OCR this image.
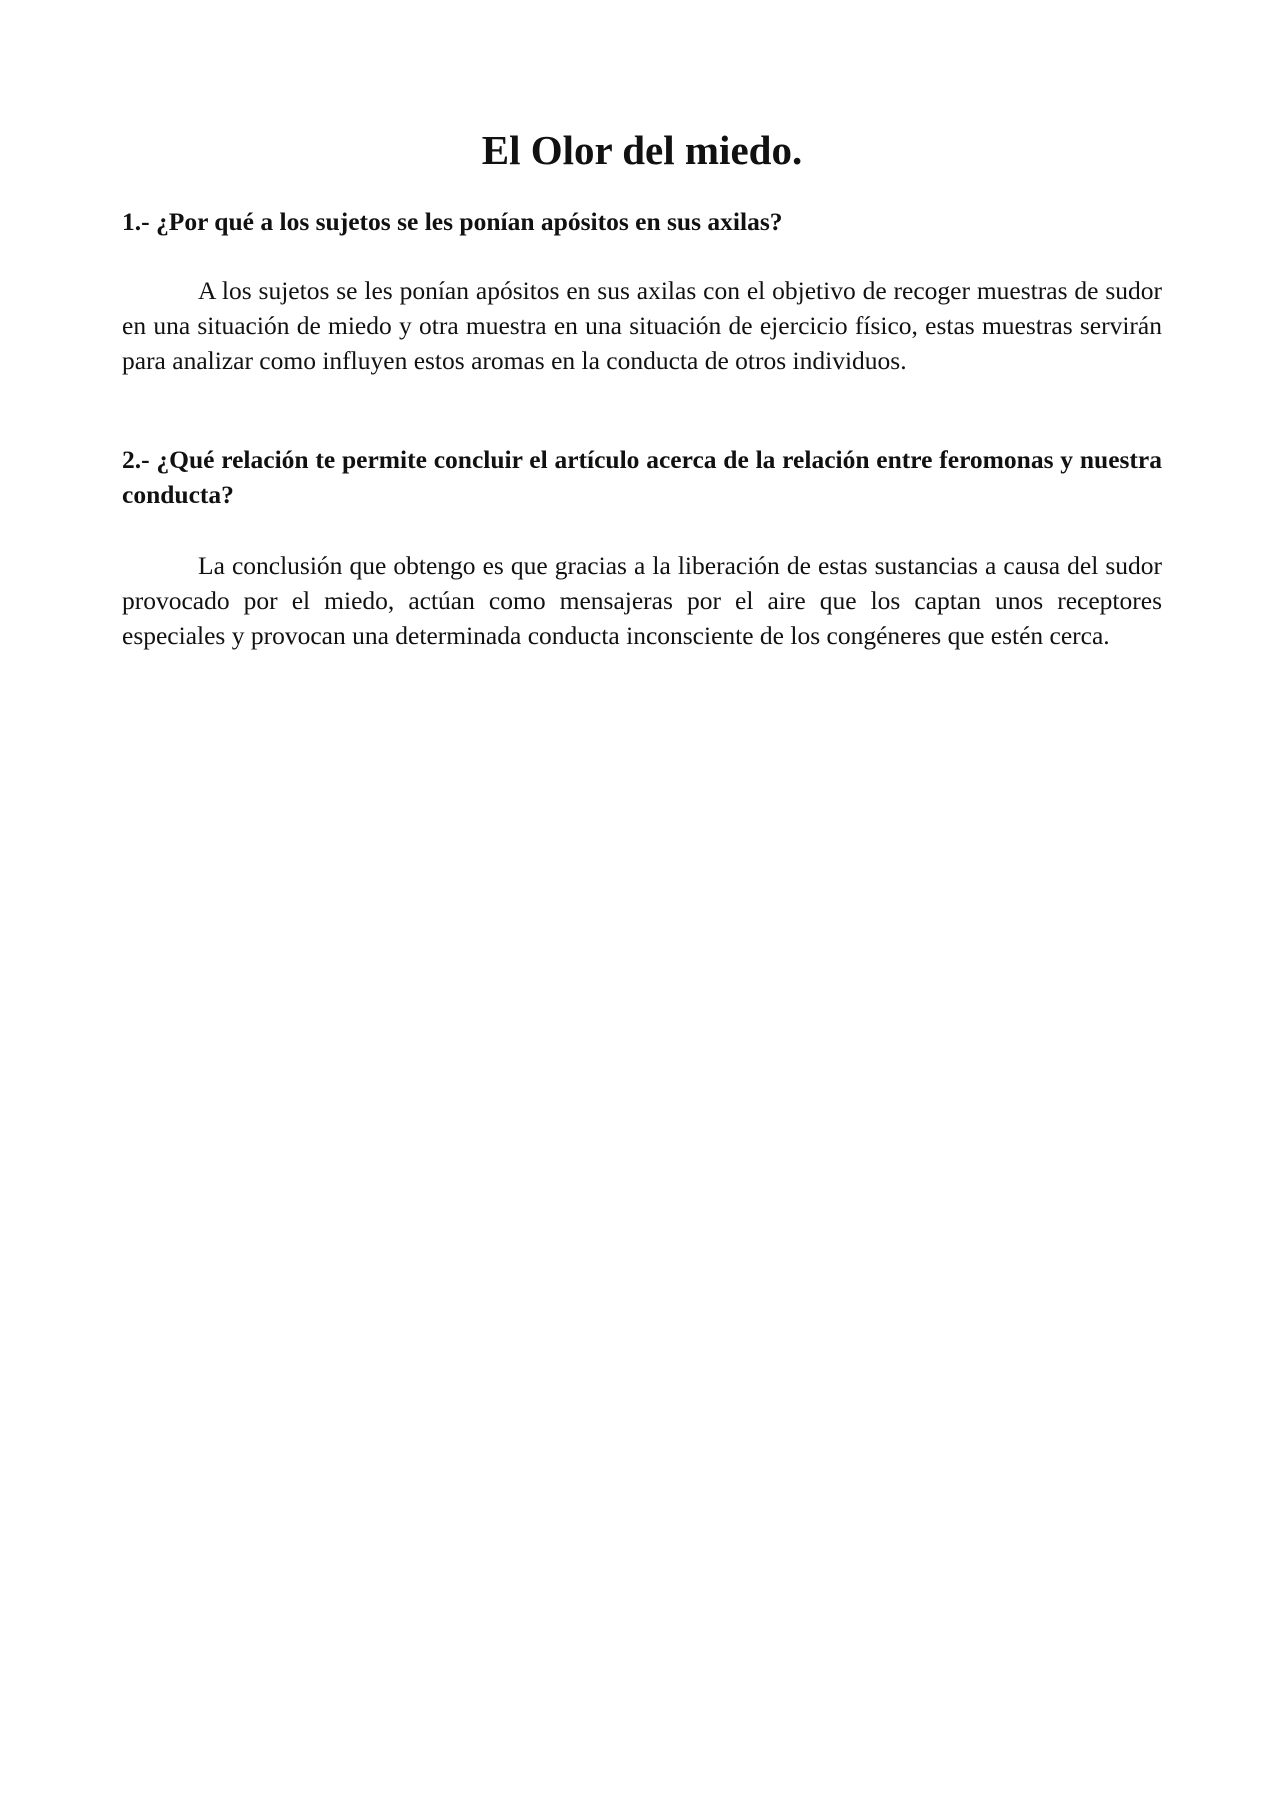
El Olor del miedo.

1.- ¿Por qué a los sujetos se les ponían apósitos en sus axilas?

A los sujetos se les ponían apósitos en sus axilas con el objetivo de recoger muestras de sudor en una situación de miedo y otra muestra en una situación de ejercicio físico, estas muestras servirán para analizar como influyen estos aromas en la conducta de otros individuos.

2.- ¿Qué relación te permite concluir el artículo acerca de la relación entre feromonas y nuestra conducta?

La conclusión que obtengo es que gracias a la liberación de estas sustancias a causa del sudor provocado por el miedo, actúan como mensajeras por el aire que los captan unos receptores especiales y provocan una determinada conducta inconsciente de los congéneres que estén cerca.
